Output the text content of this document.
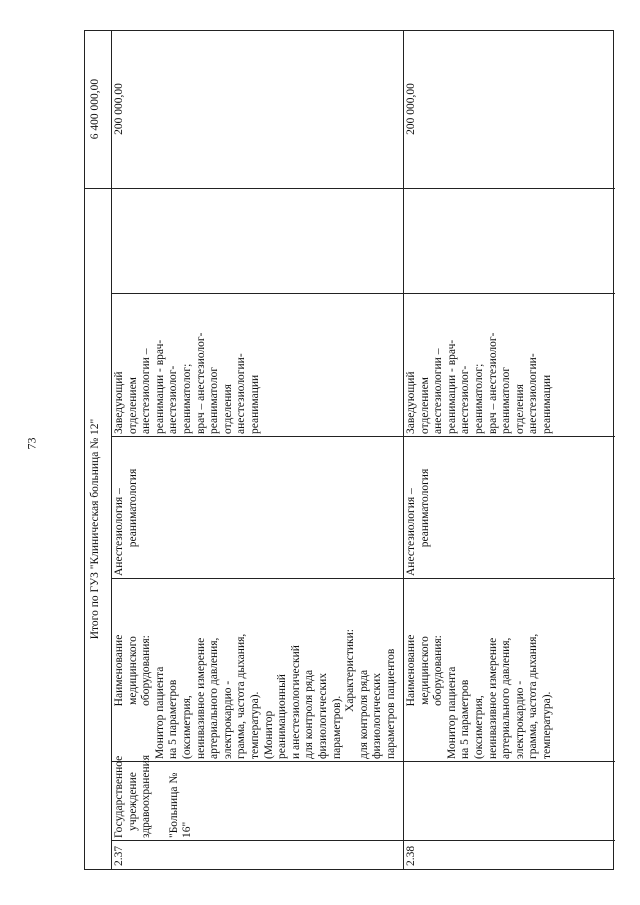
73	Итого по ГУЗ "Клиническая больница № 12"
6 400 000,00
2.37
Государственное учреждение здравоохранения "Больница № 16"
Наименование медицинского оборудования: Монитор пациента на 5 параметров (оксиметрия, неинвазивное измерение артериального давления, электрокардио - грамма, частота дыхания, температура). (Монитор реанимационный и анестезиологический для контроля ряда физиологических параметров).
Характеристики: для контроля ряда физиологических параметров пациентов
Анестезиология – реаниматология
Заведующий отделением анестезиологии – реанимации - врач- анестезиолог- реаниматолог; врач – анестезиолог- реаниматолог отделения анестезиологии- реанимации
200 000,00
2.38
Наименование медицинского оборудования: Монитор пациента на 5 параметров (оксиметрия, неинвазивное измерение артериального давления, электрокардио - грамма, частота дыхания, температура).
Анестезиология – реаниматология
Заведующий отделением анестезиологии – реанимации - врач- анестезиолог- реаниматолог; врач – анестезиолог- реаниматолог отделения анестезиологии- реанимации
200 000,00
